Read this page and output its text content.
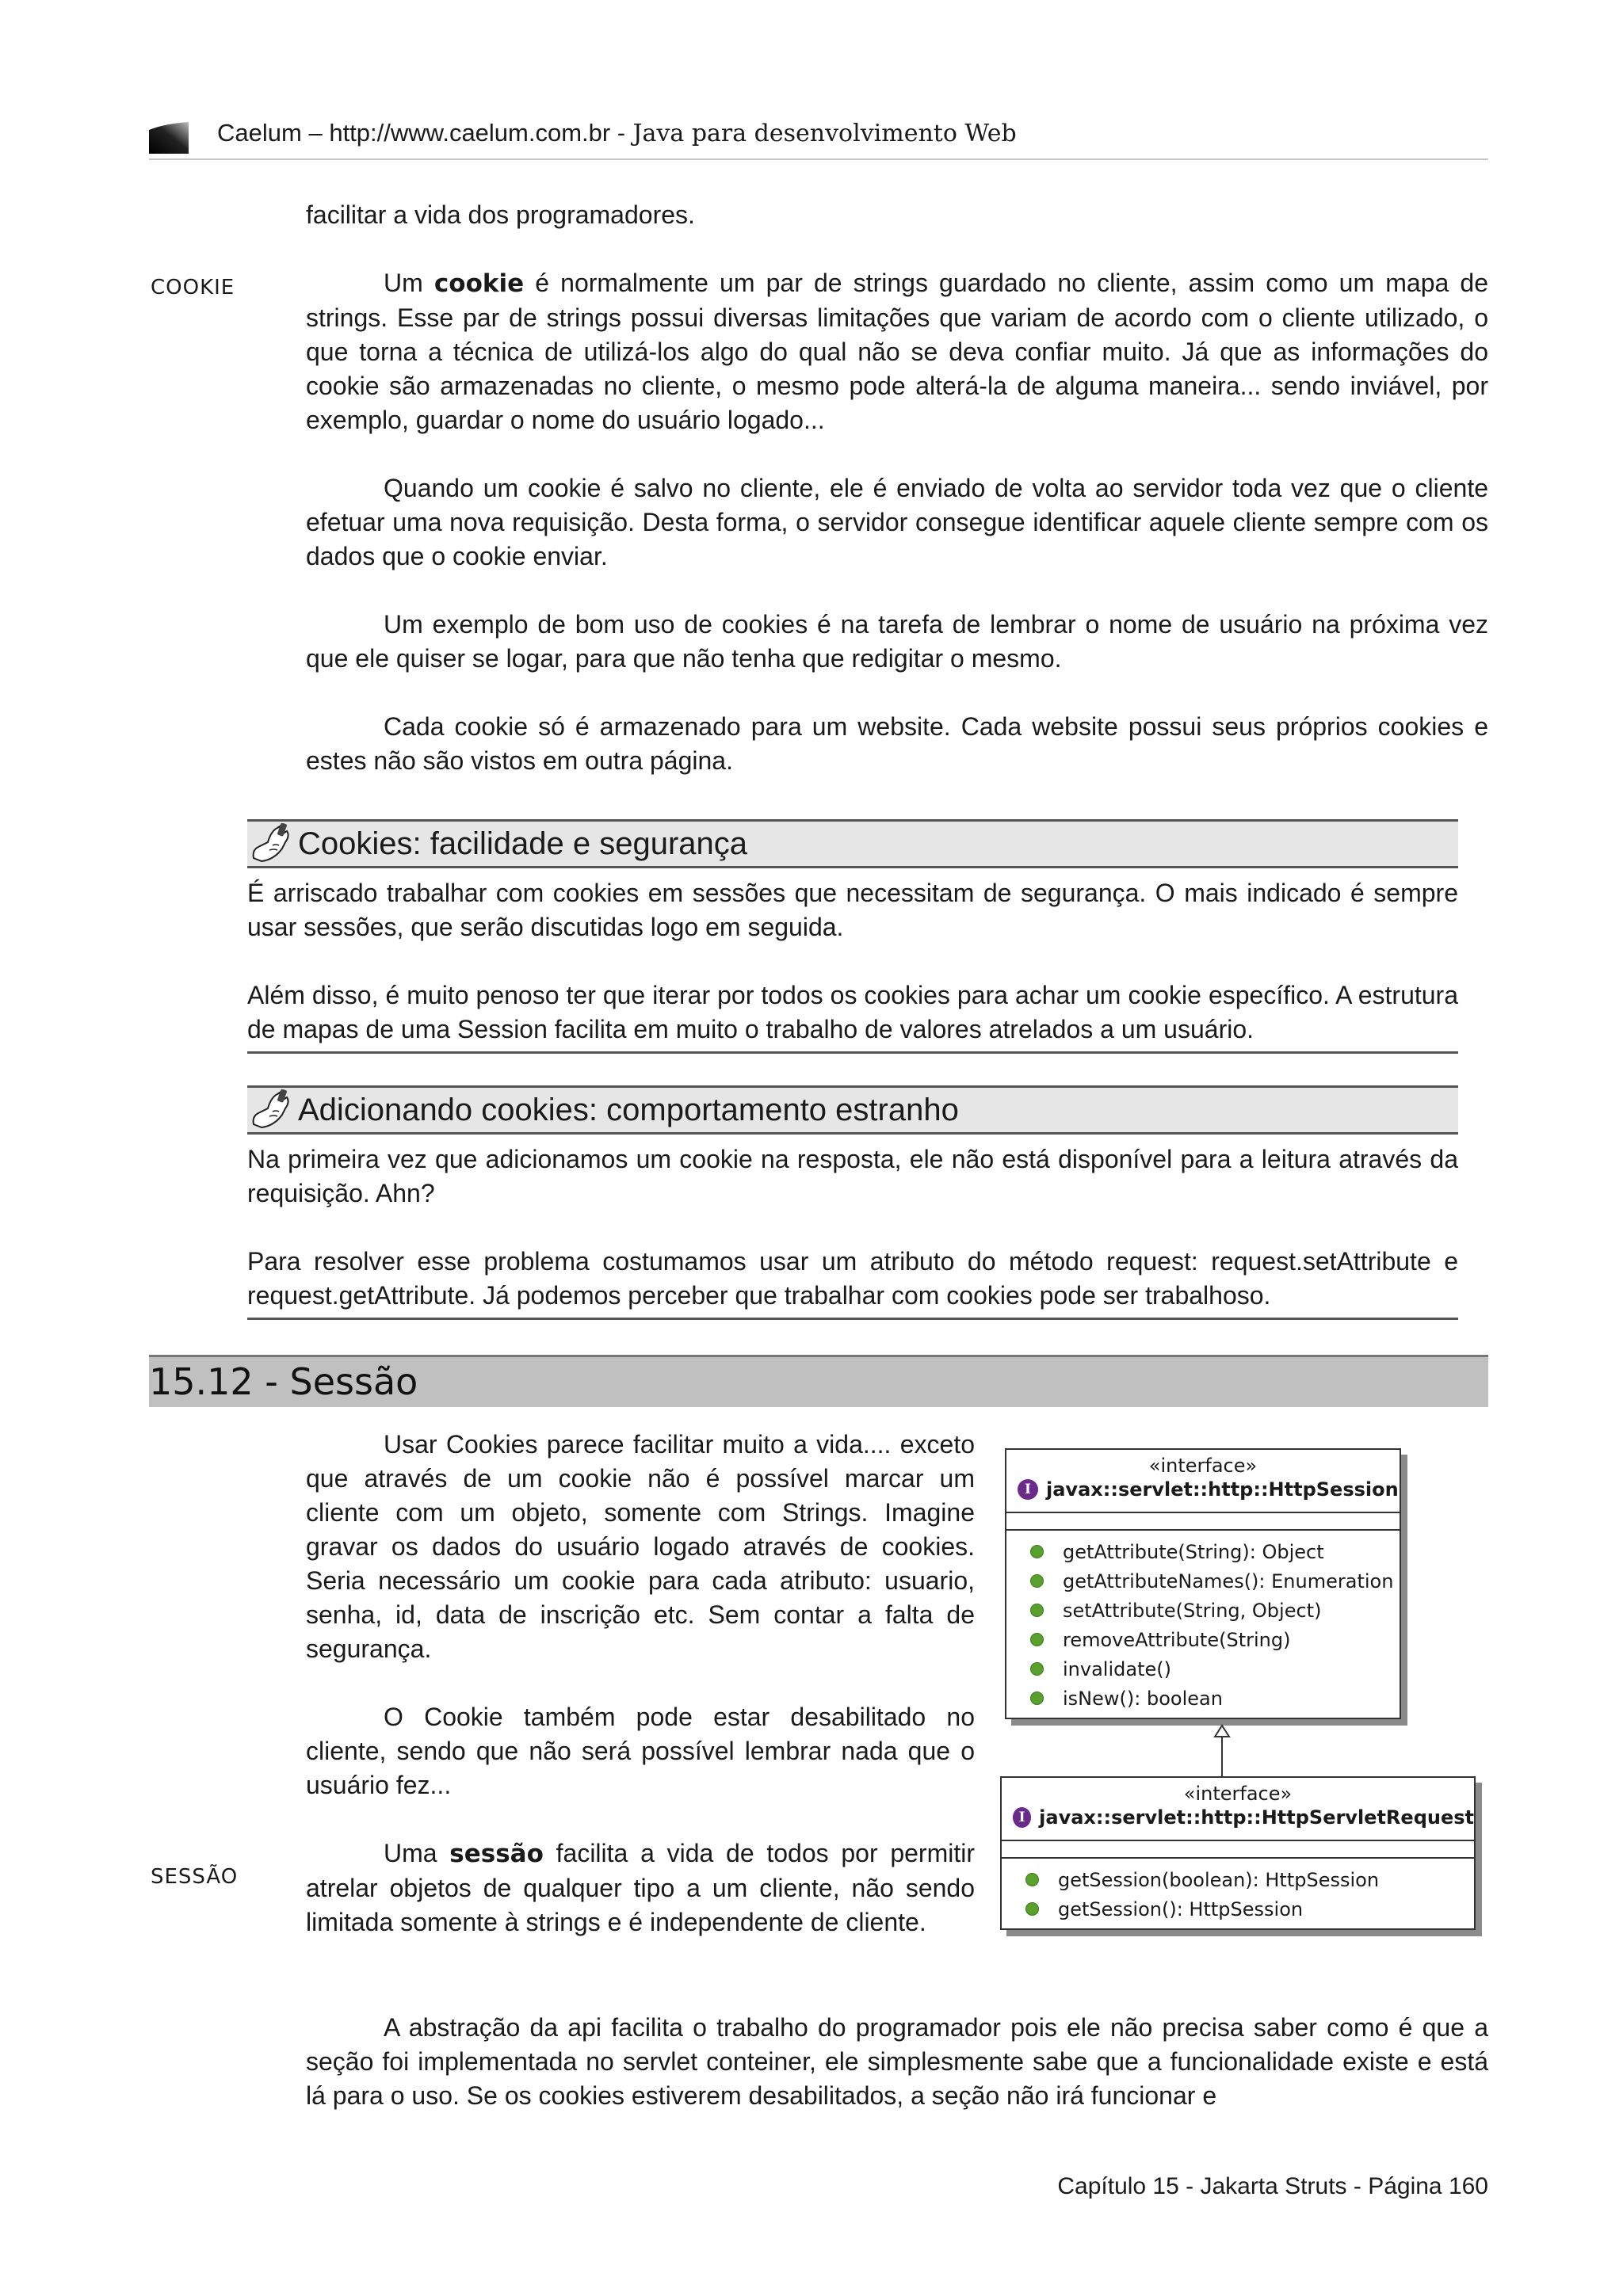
Caelum – http://www.caelum.com.br - Java para desenvolvimento Web

facilitar a vida dos programadores.

Um cookie é normalmente um par de strings guardado no cliente, assim como um mapa de strings. Esse par de strings possui diversas limitações que variam de acordo com o cliente utilizado, o que torna a técnica de utilizá-los algo do qual não se deva confiar muito. Já que as informações do cookie são armazenadas no cliente, o mesmo pode alterá-la de alguma maneira... sendo inviável, por exemplo, guardar o nome do usuário logado...

Quando um cookie é salvo no cliente, ele é enviado de volta ao servidor toda vez que o cliente efetuar uma nova requisição. Desta forma, o servidor consegue identificar aquele cliente sempre com os dados que o cookie enviar.

Um exemplo de bom uso de cookies é na tarefa de lembrar o nome de usuário na próxima vez que ele quiser se logar, para que não tenha que redigitar o mesmo.

Cada cookie só é armazenado para um website. Cada website possui seus próprios cookies e estes não são vistos em outra página.

COOKIE
Cookies: facilidade e segurança

É arriscado trabalhar com cookies em sessões que necessitam de segurança. O mais indicado é sempre usar sessões, que serão discutidas logo em seguida.

Além disso, é muito penoso ter que iterar por todos os cookies para achar um cookie específico. A estrutura de mapas de uma Session facilita em muito o trabalho de valores atrelados a um usuário.

Adicionando cookies: comportamento estranho

Na primeira vez que adicionamos um cookie na resposta, ele não está disponível para a leitura através da requisição. Ahn?

Para resolver esse problema costumamos usar um atributo do método request: request.setAttribute e request.getAttribute. Já podemos perceber que trabalhar com cookies pode ser trabalhoso.

15.12 - Sessão

Usar Cookies parece facilitar muito a vida.... exceto que através de um cookie não é possível marcar um cliente com um objeto, somente com Strings. Imagine gravar os dados do usuário logado através de cookies. Seria necessário um cookie para cada atributo: usuario, senha, id, data de inscrição etc. Sem contar a falta de segurança.

O Cookie também pode estar desabilitado no cliente, sendo que não será possível lembrar nada que o usuário fez...

Uma sessão facilita a vida de todos por permitir atrelar objetos de qualquer tipo a um cliente, não sendo limitada somente à strings e é independente de cliente.

SESSÃO
«interface»
I javax::servlet::http::HttpSession
getAttribute(String): Object
getAttributeNames(): Enumeration
setAttribute(String, Object)
removeAttribute(String)
invalidate()
isNew(): boolean
«interface»
I javax::servlet::http::HttpServletRequest
getSession(boolean): HttpSession
getSession(): HttpSession

A abstração da api facilita o trabalho do programador pois ele não precisa saber como é que a seção foi implementada no servlet conteiner, ele simplesmente sabe que a funcionalidade existe e está lá para o uso. Se os cookies estiverem desabilitados, a seção não irá funcionar e

Capítulo 15 - Jakarta Struts - Página 160
